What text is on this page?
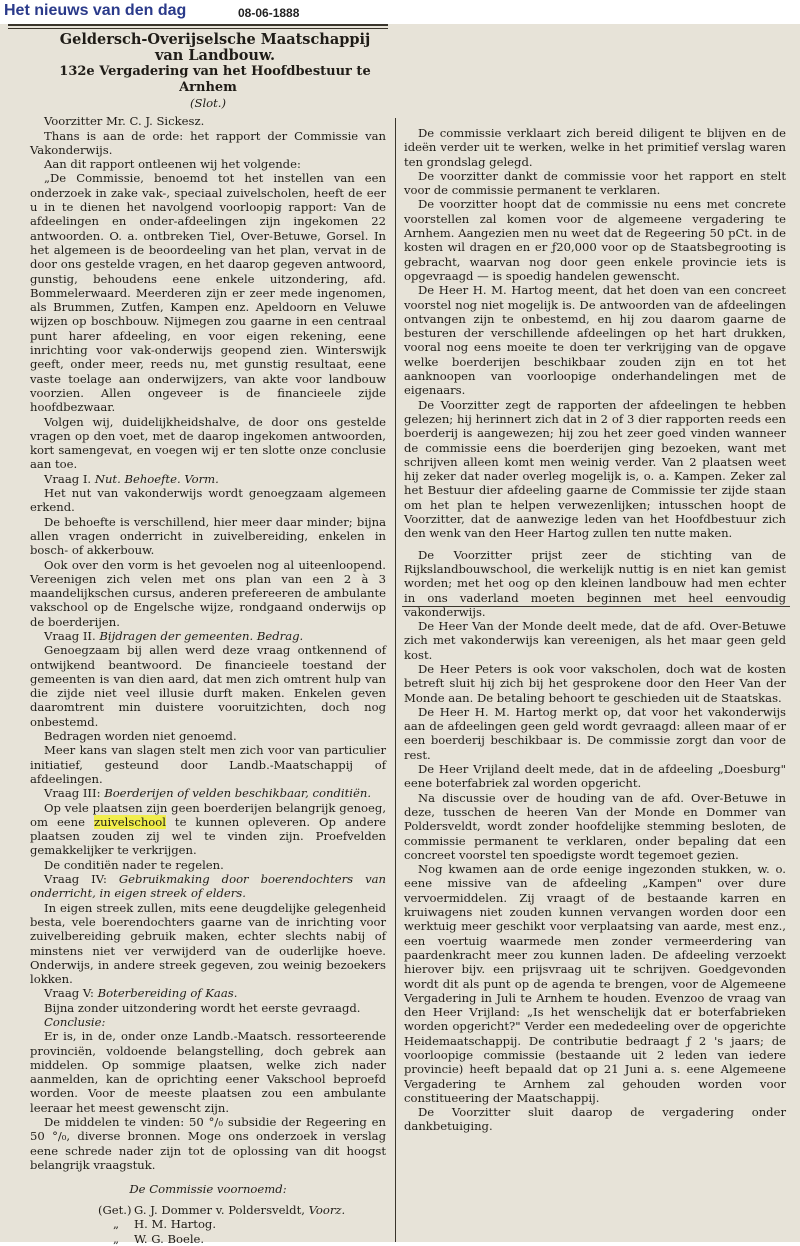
Het nieuws van den dag	08-06-1888

Geldersch-Overijselsche Maatschappij

van Landbouw.

132e Vergadering van het Hoofdbestuur te Arnhem

(Slot.)

Voorzitter Mr. C. J. Sickesz.

Thans is aan de orde: het rapport der Commissie van Vakonderwijs.

Aan dit rapport ontleenen wij het volgende:

„De Commissie, benoemd tot het instellen van een onderzoek in zake vak-, speciaal zuivelscholen, heeft de eer u in te dienen het navolgend voorloopig rapport: Van de afdeelingen en onder-afdeelingen zijn ingekomen 22 antwoorden. O. a. ontbreken Tiel, Over-Betuwe, Gorsel. In het algemeen is de beoordeeling van het plan, vervat in de door ons gestelde vragen, en het daarop gegeven antwoord, gunstig, behoudens eene enkele uitzondering, afd. Bommelerwaard. Meerderen zijn er zeer mede ingenomen, als Brummen, Zutfen, Kampen enz. Apeldoorn en Veluwe wijzen op boschbouw. Nijmegen zou gaarne in een centraal punt harer afdeeling, en voor eigen rekening, eene inrichting voor vak-onderwijs geopend zien. Winterswijk geeft, onder meer, reeds nu, met gunstig resultaat, eene vaste toelage aan onderwijzers, van akte voor landbouw voorzien. Allen ongeveer is de financieele zijde hoofdbezwaar.

Volgen wij, duidelijkheidshalve, de door ons gestelde vragen op den voet, met de daarop ingekomen antwoorden, kort samengevat, en voegen wij er ten slotte onze conclusie aan toe.

Vraag I. Nut. Behoefte. Vorm.

Het nut van vakonderwijs wordt genoegzaam algemeen erkend.

De behoefte is verschillend, hier meer daar minder; bijna allen vragen onderricht in zuivelbereiding, enkelen in bosch- of akkerbouw.

Ook over den vorm is het gevoelen nog al uiteenloopend. Vereenigen zich velen met ons plan van een 2 à 3 maandelijkschen cursus, anderen prefereeren de ambulante vakschool op de Engelsche wijze, rondgaand onderwijs op de boerderijen.

Vraag II. Bijdragen der gemeenten. Bedrag.

Genoegzaam bij allen werd deze vraag ontkennend of ontwijkend beantwoord. De financieele toestand der gemeenten is van dien aard, dat men zich omtrent hulp van die zijde niet veel illusie durft maken. Enkelen geven daaromtrent min duistere vooruitzichten, doch nog onbestemd.

Bedragen worden niet genoemd.

Meer kans van slagen stelt men zich voor van particulier initiatief, gesteund door Landb.-Maatschappij of afdeelingen.

Vraag III: Boerderijen of velden beschikbaar, conditiën.

Op vele plaatsen zijn geen boerderijen belangrijk genoeg, om eene zuivelschool te kunnen opleveren. Op andere plaatsen zouden zij wel te vinden zijn. Proefvelden gemakkelijker te verkrijgen.

De conditiën nader te regelen.

Vraag IV: Gebruikmaking door boerendochters van onderricht, in eigen streek of elders.

In eigen streek zullen, mits eene deugdelijke gelegenheid besta, vele boerendochters gaarne van de inrichting voor zuivelbereiding gebruik maken, echter slechts nabij of minstens niet ver verwijderd van de ouderlijke hoeve. Onderwijs, in andere streek gegeven, zou weinig bezoekers lokken.

Vraag V: Boterbereiding of Kaas.

Bijna zonder uitzondering wordt het eerste gevraagd.

Conclusie:

Er is, in de, onder onze Landb.-Maatsch. ressorteerende provinciën, voldoende belangstelling, doch gebrek aan middelen. Op sommige plaatsen, welke zich nader aanmelden, kan de oprichting eener Vakschool beproefd worden. Voor de meeste plaatsen zou een ambulante leeraar het meest gewenscht zijn.

De middelen te vinden: 50 °/₀ subsidie der Regeering en 50 °/₀, diverse bronnen. Moge ons onderzoek in verslag eene schrede nader zijn tot de oplossing van dit hoogst belangrijk vraagstuk.

De Commissie voornoemd:

(Get.) G. J. Dommer v. Poldersveldt, Voorz.

„ H. M. Hartog.

„ W. G. Boele.

De commissie verklaart zich bereid diligent te blijven en de ideën verder uit te werken, welke in het primitief verslag waren ten grondslag gelegd.

De voorzitter dankt de commissie voor het rapport en stelt voor de commissie permanent te verklaren.

De voorzitter hoopt dat de commissie nu eens met concrete voorstellen zal komen voor de algemeene vergadering te Arnhem. Aangezien men nu weet dat de Regeering 50 pCt. in de kosten wil dragen en er ƒ20,000 voor op de Staatsbegrooting is gebracht, waarvan nog door geen enkele provincie iets is opgevraagd — is spoedig handelen gewenscht.

De Heer H. M. Hartog meent, dat het doen van een concreet voorstel nog niet mogelijk is. De antwoorden van de afdeelingen ontvangen zijn te onbestemd, en hij zou daarom gaarne de besturen der verschillende afdeelingen op het hart drukken, vooral nog eens moeite te doen ter verkrijging van de opgave welke boerderijen beschikbaar zouden zijn en tot het aanknoopen van voorloopige onderhandelingen met de eigenaars.

De Voorzitter zegt de rapporten der afdeelingen te hebben gelezen; hij herinnert zich dat in 2 of 3 dier rapporten reeds een boerderij is aangewezen; hij zou het zeer goed vinden wanneer de commissie eens die boerderijen ging bezoeken, want met schrijven alleen komt men weinig verder. Van 2 plaatsen weet hij zeker dat nader overleg mogelijk is, o. a. Kampen. Zeker zal het Bestuur dier afdeeling gaarne de Commissie ter zijde staan om het plan te helpen verwezenlijken; intusschen hoopt de Voorzitter, dat de aanwezige leden van het Hoofdbestuur zich den wenk van den Heer Hartog zullen ten nutte maken.

De Voorzitter prijst zeer de stichting van de Rijkslandbouwschool, die werkelijk nuttig is en niet kan gemist worden; met het oog op den kleinen landbouw had men echter in ons vaderland moeten beginnen met heel eenvoudig vakonderwijs.

De Heer Van der Monde deelt mede, dat de afd. Over-Betuwe zich met vakonderwijs kan vereenigen, als het maar geen geld kost.

De Heer Peters is ook voor vakscholen, doch wat de kosten betreft sluit hij zich bij het gesprokene door den Heer Van der Monde aan. De betaling behoort te geschieden uit de Staatskas.

De Heer H. M. Hartog merkt op, dat voor het vakonderwijs aan de afdeelingen geen geld wordt gevraagd: alleen maar of er een boerderij beschikbaar is. De commissie zorgt dan voor de rest.

De Heer Vrijland deelt mede, dat in de afdeeling „Doesburg" eene boterfabriek zal worden opgericht.

Na discussie over de houding van de afd. Over-Betuwe in deze, tusschen de heeren Van der Monde en Dommer van Poldersveldt, wordt zonder hoofdelijke stemming besloten, de commissie permanent te verklaren, onder bepaling dat een concreet voorstel ten spoedigste wordt tegemoet gezien.

Nog kwamen aan de orde eenige ingezonden stukken, w. o. eene missive van de afdeeling „Kampen" over dure vervoermiddelen. Zij vraagt of de bestaande karren en kruiwagens niet zouden kunnen vervangen worden door een werktuig meer geschikt voor verplaatsing van aarde, mest enz., een voertuig waarmede men zonder vermeerdering van paardenkracht meer zou kunnen laden. De afdeeling verzoekt hierover bijv. een prijsvraag uit te schrijven. Goedgevonden wordt dit als punt op de agenda te brengen, voor de Algemeene Vergadering in Juli te Arnhem te houden. Evenzoo de vraag van den Heer Vrijland: „Is het wenschelijk dat er boterfabrieken worden opgericht?" Verder een mededeeling over de opgerichte Heidemaatschappij. De contributie bedraagt ƒ 2 's jaars; de voorloopige commissie (bestaande uit 2 leden van iedere provincie) heeft bepaald dat op 21 Juni a. s. eene Algemeene Vergadering te Arnhem zal gehouden worden voor constitueering der Maatschappij.

De Voorzitter sluit daarop de vergadering onder dankbetuiging.
